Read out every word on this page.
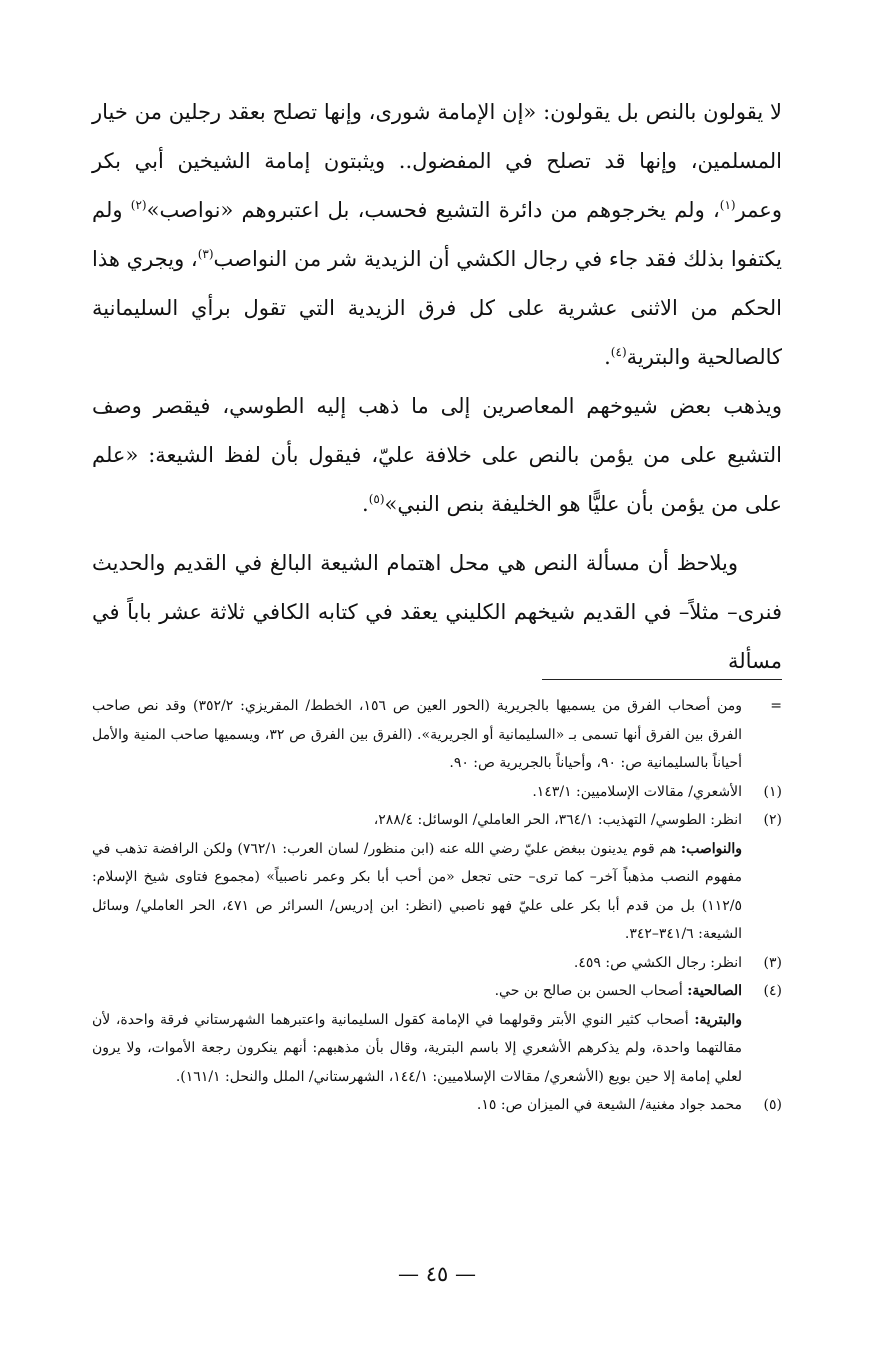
لا يقولون بالنص بل يقولون: «إن الإمامة شورى، وإنها تصلح بعقد رجلين من خيار المسلمين، وإنها قد تصلح في المفضول.. ويثبتون إمامة الشيخين أبي بكر وعمر$^{(١)}$، ولم يخرجوهم من دائرة التشيع فحسب، بل اعتبروهم «نواصب»$^{(٢)}$ ولم يكتفوا بذلك فقد جاء في رجال الكشي أن الزيدية شر من النواصب$^{(٣)}$، ويجري هذا الحكم من الاثنى عشرية على كل فرق الزيدية التي تقول برأي السليمانية كالصالحية والبترية$^{(٤)}$.

ويذهب بعض شيوخهم المعاصرين إلى ما ذهب إليه الطوسي، فيقصر وصف التشيع على من يؤمن بالنص على خلافة عليّ، فيقول بأن لفظ الشيعة: «علم على من يؤمن بأن عليًّا هو الخليفة بنص النبي»$^{(٥)}$.

ويلاحظ أن مسألة النص هي محل اهتمام الشيعة البالغ في القديم والحديث فنرى– مثلاً– في القديم شيخهم الكليني يعقد في كتابه الكافي ثلاثة عشر باباً في مسألة

=
ومن أصحاب الفرق من يسميها بالجريرية (الحور العين ص ١٥٦، الخطط/ المقريزي: ٣٥٢/٢) وقد نص صاحب الفرق بين الفرق أنها تسمى بـ «السليمانية أو الجريرية». (الفرق بين الفرق ص ٣٢، ويسميها صاحب المنية والأمل أحياناً بالسليمانية ص: ٩٠، وأحياناً بالجريرية ص: ٩٠.
(١)
الأشعري/ مقالات الإسلاميين: ١٤٣/١.
(٢)
انظر: الطوسي/ التهذيب: ٣٦٤/١، الحر العاملي/ الوسائل: ٢٨٨/٤،
والنواصب: هم قوم يدينون ببغض عليّ رضي الله عنه (ابن منظور/ لسان العرب: ٧٦٢/١) ولكن الرافضة تذهب في مفهوم النصب مذهباً آخر– كما ترى– حتى تجعل «من أحب أبا بكر وعمر ناصبياً» (مجموع فتاوى شيخ الإسلام: ١١٢/٥) بل من قدم أبا بكر على عليّ فهو ناصبي (انظر: ابن إدريس/ السرائر ص ٤٧١، الحر العاملي/ وسائل الشيعة: ٣٤١/٦–٣٤٢.
(٣)
انظر: رجال الكشي ص: ٤٥٩.
(٤)
الصالحية: أصحاب الحسن بن صالح بن حي.
والبترية: أصحاب كثير النوي الأبتر وقولهما في الإمامة كقول السليمانية واعتبرهما الشهرستاني فرقة واحدة، لأن مقالتهما واحدة، ولم يذكرهم الأشعري إلا باسم البترية، وقال بأن مذهبهم: أنهم ينكرون رجعة الأموات، ولا يرون لعلي إمامة إلا حين بويع (الأشعري/ مقالات الإسلاميين: ١٤٤/١، الشهرستاني/ الملل والنحل: ١٦١/١).
(٥)
محمد جواد مغنية/ الشيعة في الميزان ص: ١٥.
— ٤٥ —
